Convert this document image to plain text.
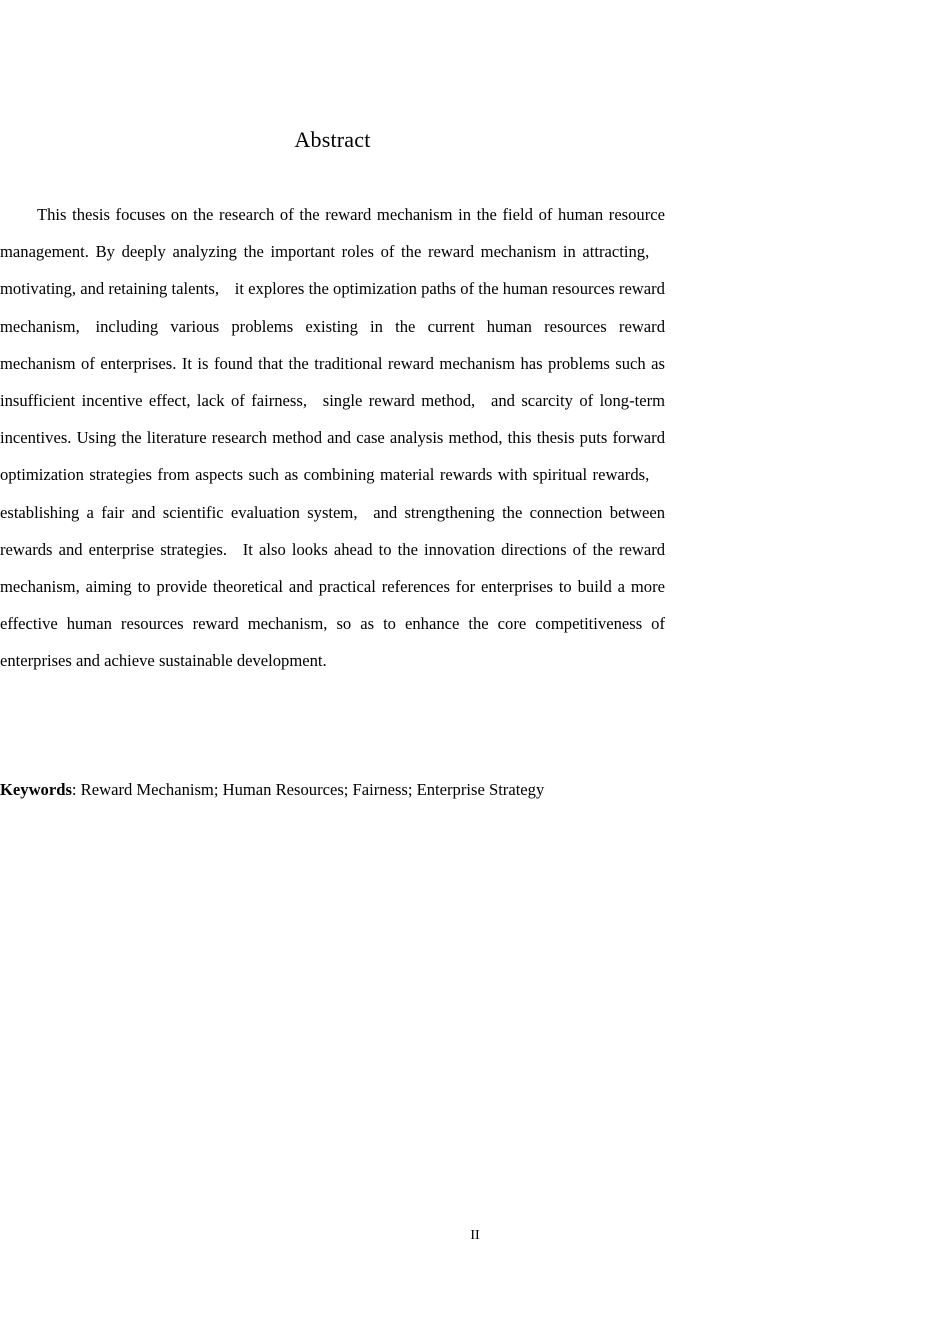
Abstract

This thesis focuses on the research of the reward mechanism in the field of human resource management. By deeply analyzing the important roles of the reward mechanism in attracting, motivating, and retaining talents, it explores the optimization paths of the human resources reward mechanism, including various problems existing in the current human resources reward mechanism of enterprises. It is found that the traditional reward mechanism has problems such as insufficient incentive effect, lack of fairness, single reward method, and scarcity of long-term incentives. Using the literature research method and case analysis method, this thesis puts forward optimization strategies from aspects such as combining material rewards with spiritual rewards, establishing a fair and scientific evaluation system, and strengthening the connection between rewards and enterprise strategies. It also looks ahead to the innovation directions of the reward mechanism, aiming to provide theoretical and practical references for enterprises to build a more effective human resources reward mechanism, so as to enhance the core competitiveness of enterprises and achieve sustainable development.

Keywords: Reward Mechanism; Human Resources; Fairness; Enterprise Strategy

II
